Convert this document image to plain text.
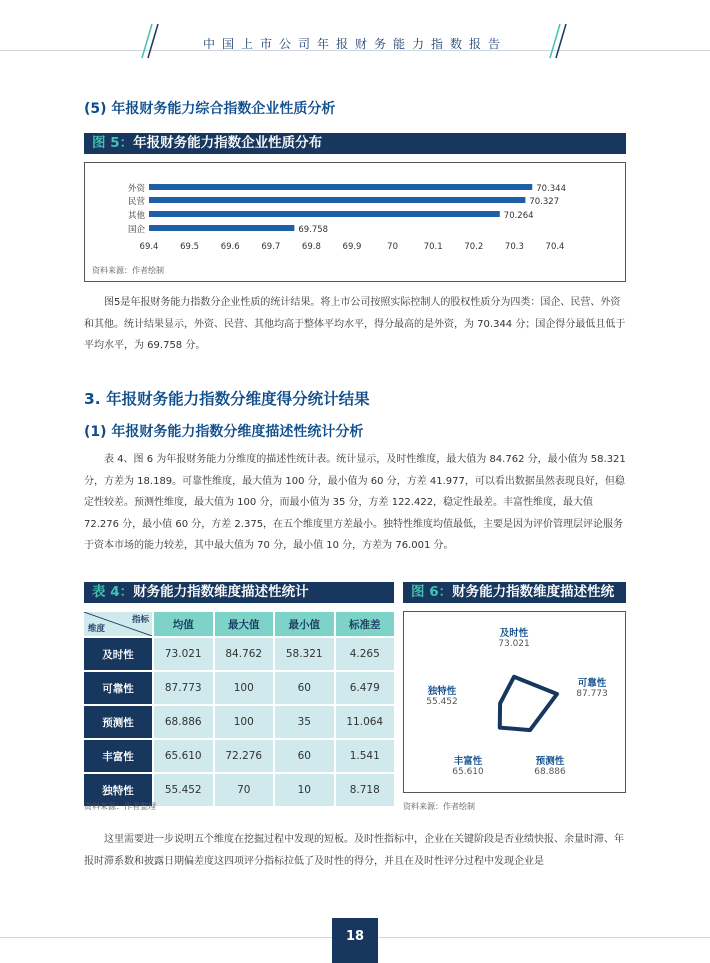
中国上市公司年报财务能力指数报告
(5) 年报财务能力综合指数企业性质分析
图 5：年报财务能力指数企业性质分布
外资	70.344
民营	70.327
其他	70.264
国企	69.758
69.4	69.5	69.6	69.7	69.8	69.9	70	70.1	70.2	70.3	70.4
资料来源：作者绘制
图5是年报财务能力指数分企业性质的统计结果。将上市公司按照实际控制人的股权性质分为四类：国企、民营、外资和其他。统计结果显示，外资、民营、其他均高于整体平均水平，得分最高的是外资，为 70.344 分；国企得分最低且低于平均水平，为 69.758 分。
3. 年报财务能力指数分维度得分统计结果
(1) 年报财务能力指数分维度描述性统计分析
表 4、图 6 为年报财务能力分维度的描述性统计表。统计显示，及时性维度，最大值为 84.762 分，最小值为 58.321 分，方差为 18.189。可靠性维度，最大值为 100 分，最小值为 60 分，方差 41.977，可以看出数据虽然表现良好，但稳定性较差。预测性维度，最大值为 100 分，而最小值为 35 分，方差 122.422，稳定性最差。丰富性维度，最大值 72.276 分，最小值 60 分，方差 2.375，在五个维度里方差最小。独特性维度均值最低，主要是因为评价管理层评论服务于资本市场的能力较差，其中最大值为 70 分，最小值 10 分，方差为 76.001 分。
表 4：财务能力指数维度描述性统计
指标
维度	均值	最大值	最小值	标准差
及时性	73.021	84.762	58.321	4.265
可靠性	87.773	100	60	6.479
预测性	68.886	100	35	11.064
丰富性	65.610	72.276	60	1.541
独特性	55.452	70	10	8.718
资料来源：作者整理
图 6：财务能力指数维度描述性统
及时性
73.021
可靠性
87.773
预测性
68.886
丰富性
65.610
独特性
55.452
资料来源：作者绘制
这里需要进一步说明五个维度在挖掘过程中发现的短板。及时性指标中，企业在关键阶段是否业绩快报、余量时滞、年报时滞系数和披露日期偏差度这四项评分指标拉低了及时性的得分，并且在及时性评分过程中发现企业是
18
